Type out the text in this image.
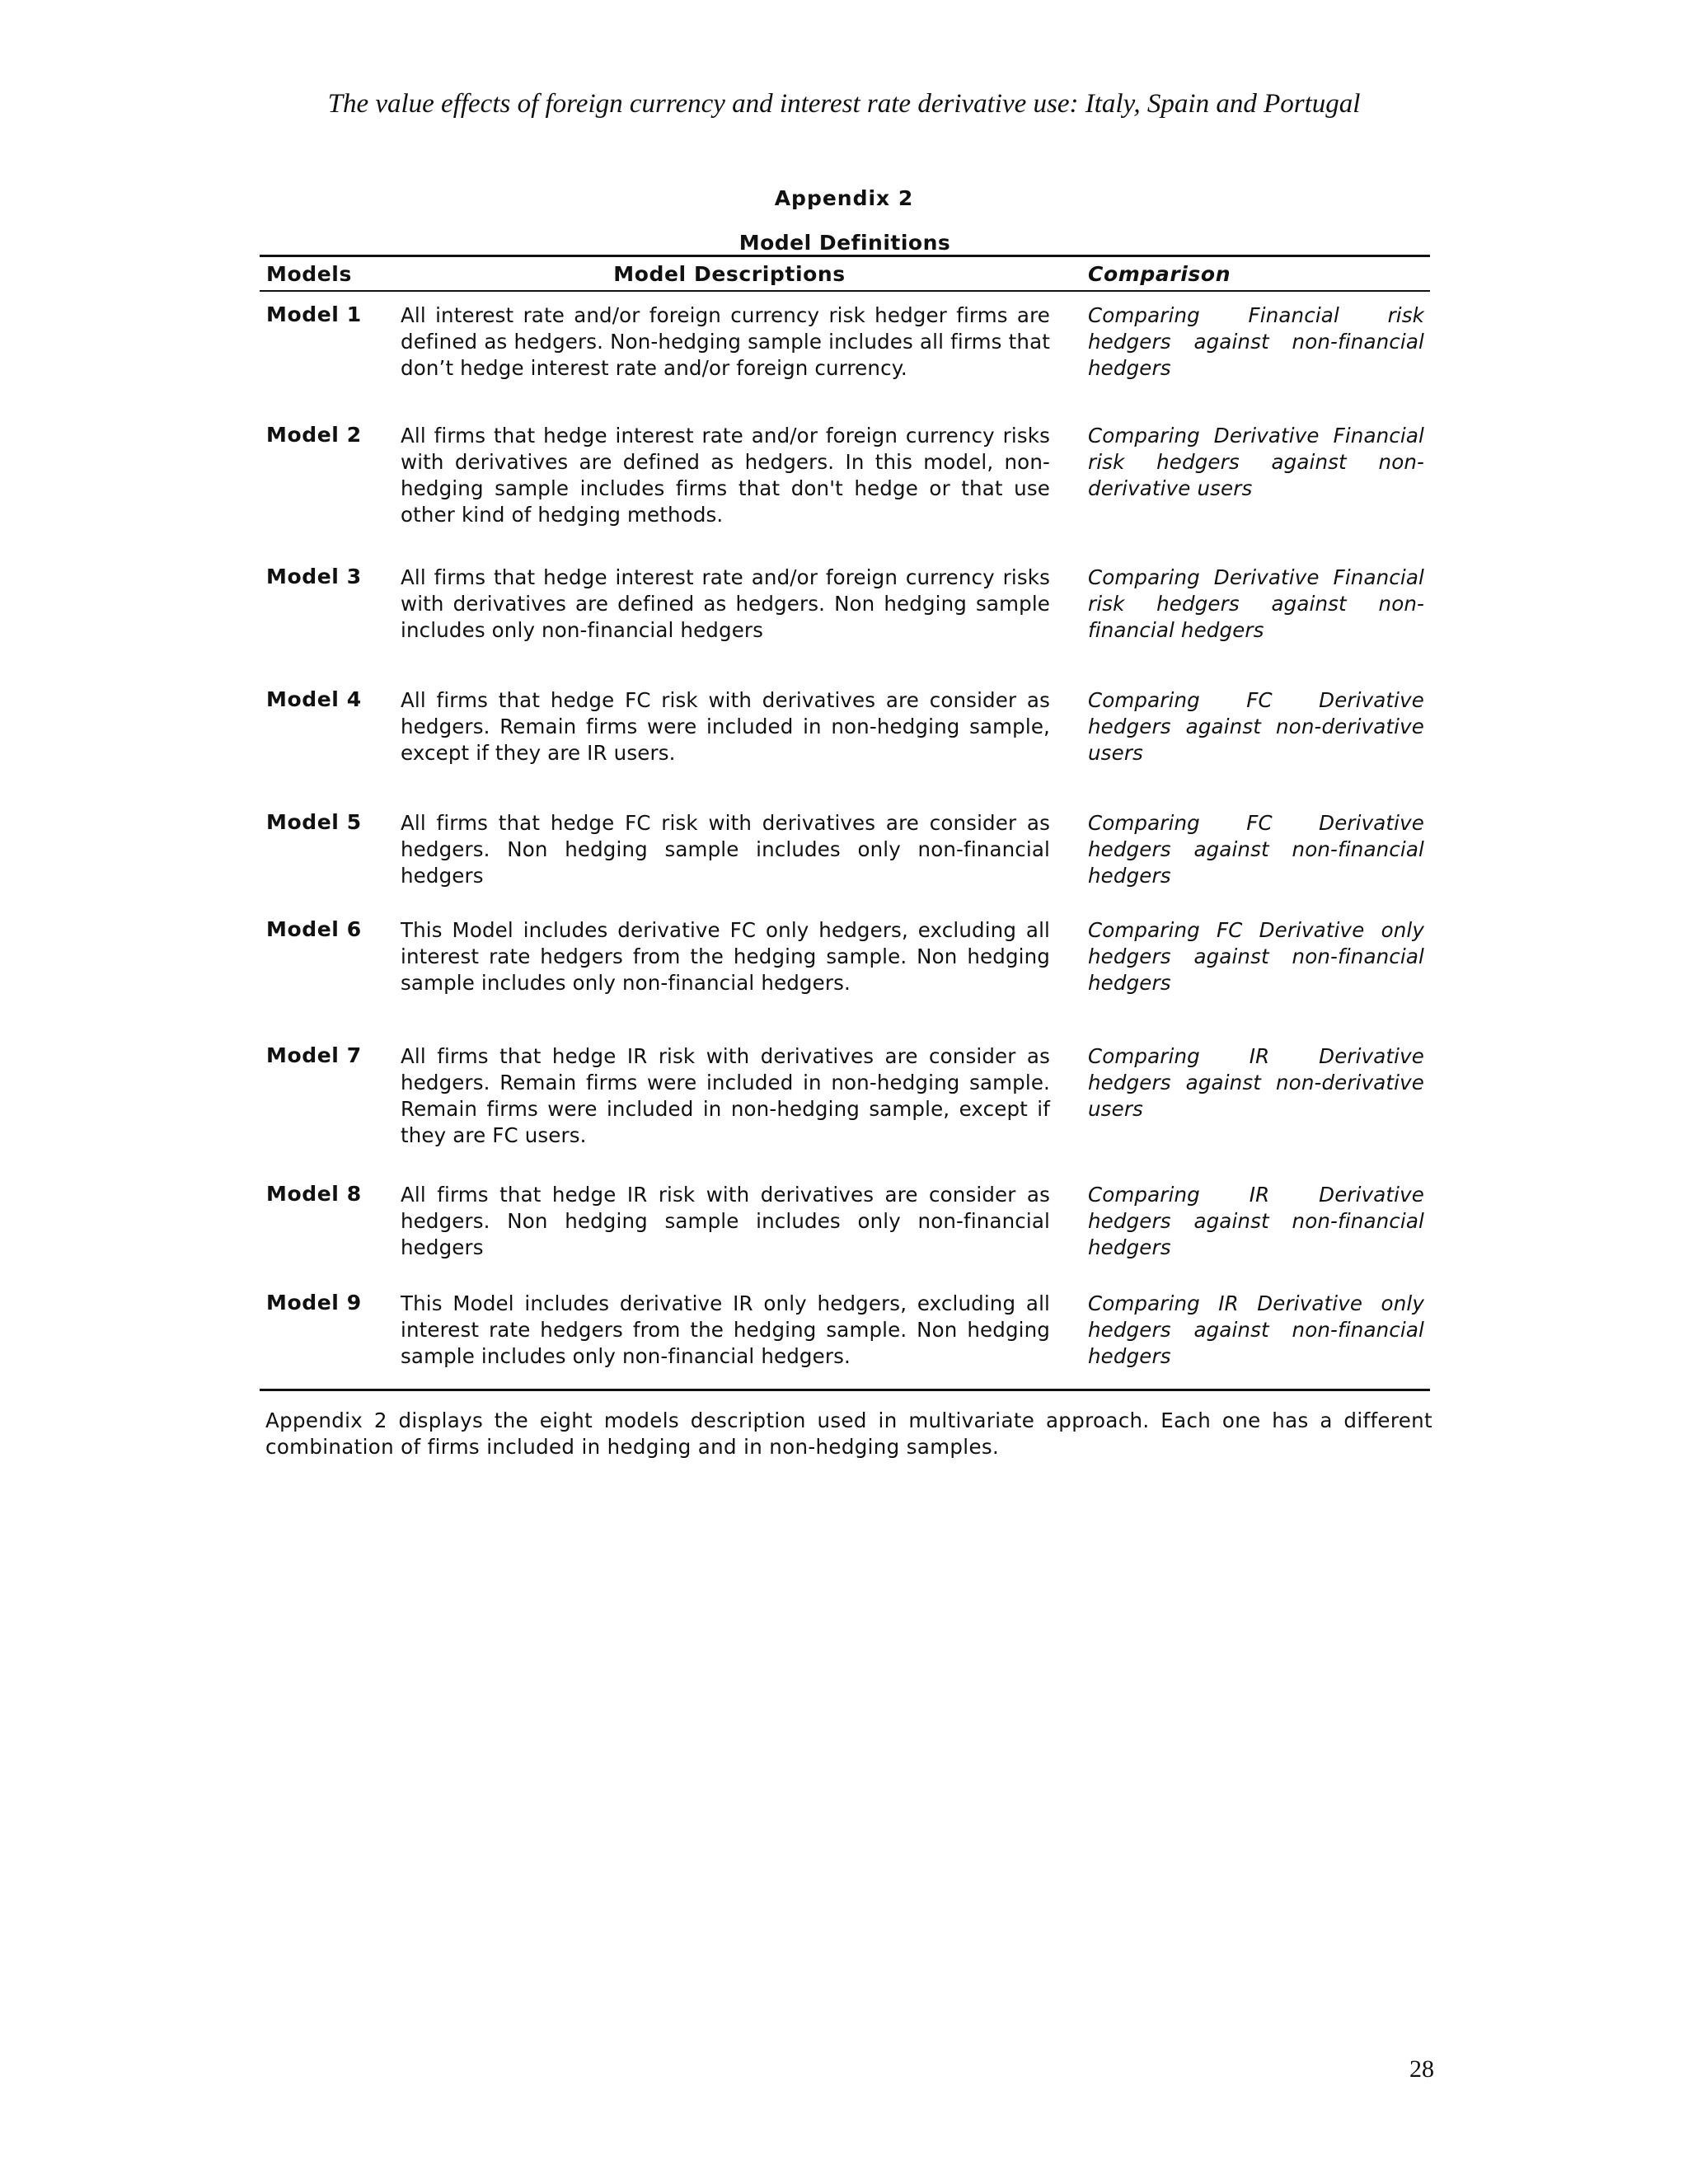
The value effects of foreign currency and interest rate derivative use: Italy, Spain and Portugal
Appendix 2
Model Definitions
Models	Model Descriptions	Comparison
Model 1 All interest rate and/or foreign currency risk hedger firms are defined as hedgers. Non-hedging sample includes all firms that don’t hedge interest rate and/or foreign currency.
Comparing Financial risk hedgers against non-financial hedgers
Model 2 All firms that hedge interest rate and/or foreign currency risks with derivatives are defined as hedgers. In this model, non-hedging sample includes firms that don't hedge or that use other kind of hedging methods.
Comparing Derivative Financial risk hedgers against non-derivative users
Model 3 All firms that hedge interest rate and/or foreign currency risks with derivatives are defined as hedgers. Non hedging sample includes only non-financial hedgers
Comparing Derivative Financial risk hedgers against non-financial hedgers
Model 4 All firms that hedge FC risk with derivatives are consider as hedgers. Remain firms were included in non-hedging sample, except if they are IR users.
Comparing FC Derivative hedgers against non-derivative users
Model 5 All firms that hedge FC risk with derivatives are consider as hedgers. Non hedging sample includes only non-financial hedgers
Comparing FC Derivative hedgers against non-financial hedgers
Model 6 This Model includes derivative FC only hedgers, excluding all interest rate hedgers from the hedging sample. Non hedging sample includes only non-financial hedgers.
Comparing FC Derivative only hedgers against non-financial hedgers
Model 7 All firms that hedge IR risk with derivatives are consider as hedgers. Remain firms were included in non-hedging sample. Remain firms were included in non-hedging sample, except if they are FC users.
Comparing IR Derivative hedgers against non-derivative users
Model 8 All firms that hedge IR risk with derivatives are consider as hedgers. Non hedging sample includes only non-financial hedgers
Comparing IR Derivative hedgers against non-financial hedgers
Model 9 This Model includes derivative IR only hedgers, excluding all interest rate hedgers from the hedging sample. Non hedging sample includes only non-financial hedgers.
Comparing IR Derivative only hedgers against non-financial hedgers
Appendix 2 displays the eight models description used in multivariate approach. Each one has a different combination of firms included in hedging and in non-hedging samples.
28
